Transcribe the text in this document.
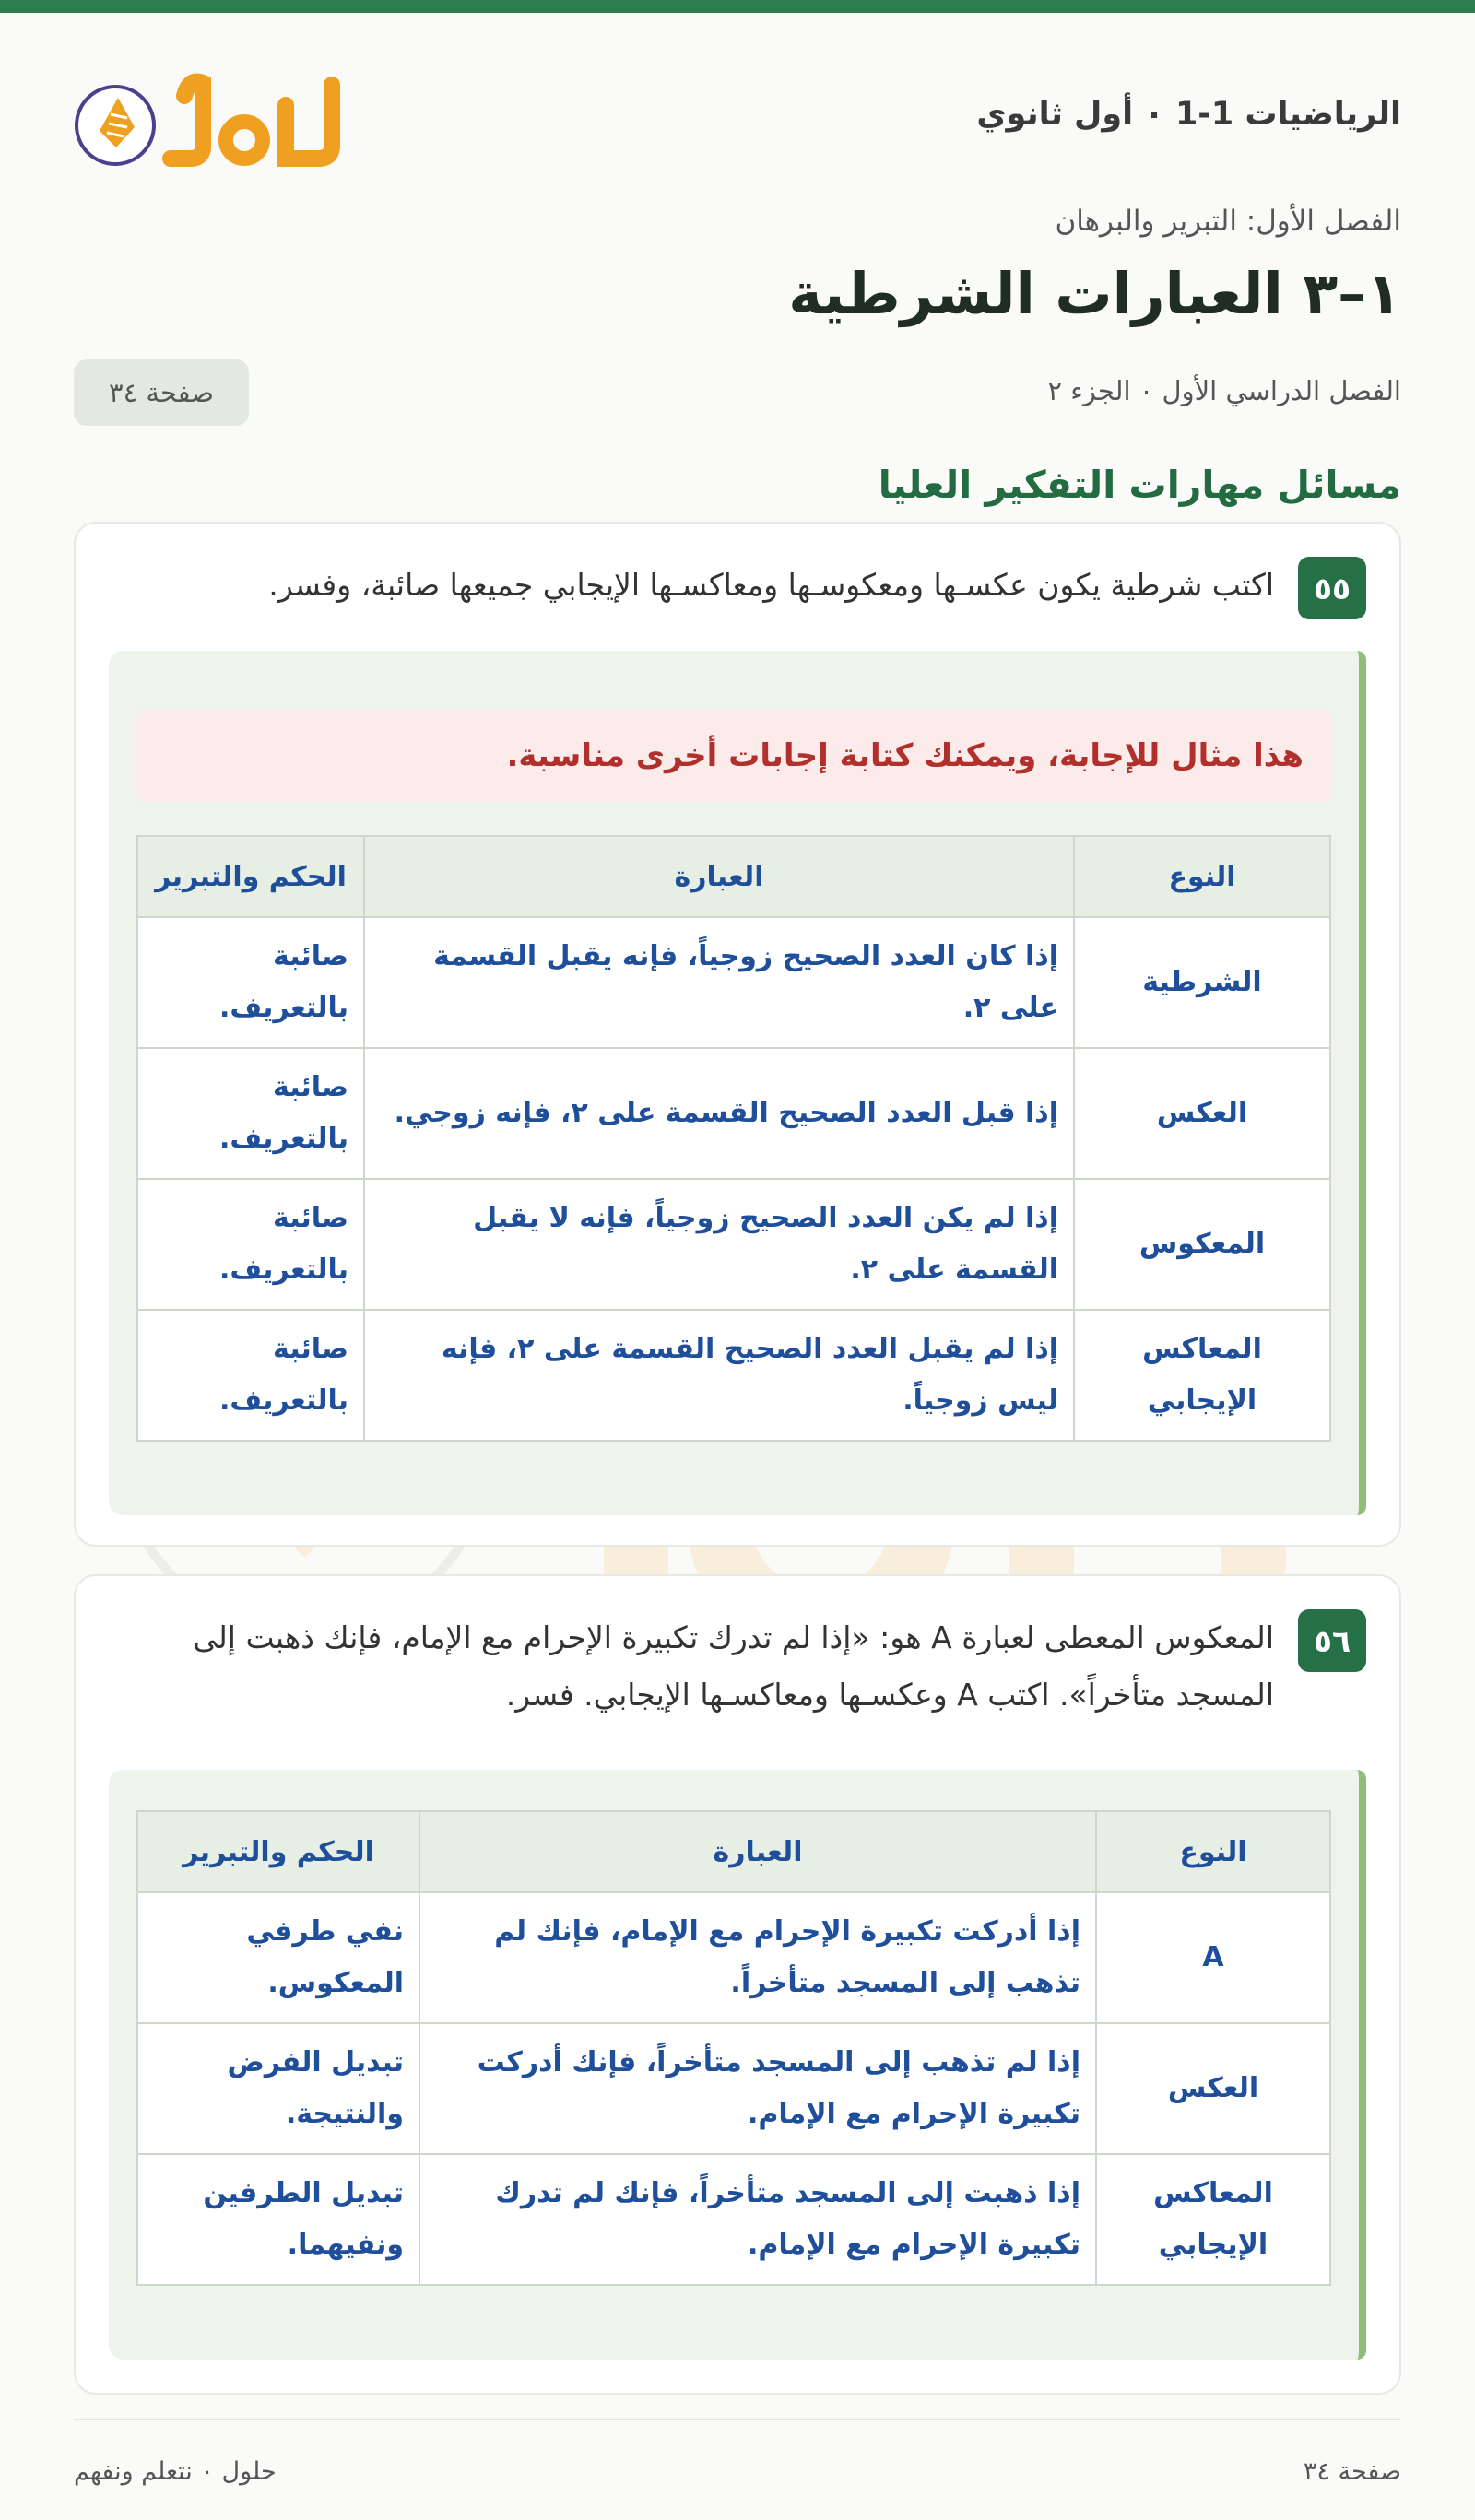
الرياضيات 1-1 ٠ أول ثانوي
الفصل الأول: التبرير والبرهان
١–٣ العبارات الشرطية
الفصل الدراسي الأول ٠ الجزء ٢
صفحة ٣٤
مسائل مهارات التفكير العليا
٥٥
اكتب شرطية يكون عكسـها ومعكوسـها ومعاكسـها الإيجابي جميعها صائبة، وفسر.
هذا مثال للإجابة، ويمكنك كتابة إجابات أخرى مناسبة.
النوع	العبارة	الحكم والتبرير
الشرطية	إذا كان العدد الصحيح زوجياً، فإنه يقبل القسمة على ٢.	صائبة بالتعريف.
العكس	إذا قبل العدد الصحيح القسمة على ٢، فإنه زوجي.	صائبة بالتعريف.
المعكوس	إذا لم يكن العدد الصحيح زوجياً، فإنه لا يقبل القسمة على ٢.	صائبة بالتعريف.
المعاكس الإيجابي	إذا لم يقبل العدد الصحيح القسمة على ٢، فإنه ليس زوجياً.	صائبة بالتعريف.
٥٦
المعكوس المعطى لعبارة A هو: «إذا لم تدرك تكبيرة الإحرام مع الإمام، فإنك ذهبت إلى المسجد متأخراً». اكتب A وعكسـها ومعاكسـها الإيجابي. فسر.
النوع	العبارة	الحكم والتبرير
A	إذا أدركت تكبيرة الإحرام مع الإمام، فإنك لم تذهب إلى المسجد متأخراً.	نفي طرفي المعكوس.
العكس	إذا لم تذهب إلى المسجد متأخراً، فإنك أدركت تكبيرة الإحرام مع الإمام.	تبديل الفرض والنتيجة.
المعاكس الإيجابي	إذا ذهبت إلى المسجد متأخراً، فإنك لم تدرك تكبيرة الإحرام مع الإمام.	تبديل الطرفين ونفيهما.
صفحة ٣٤
حلول ٠ نتعلم ونفهم
